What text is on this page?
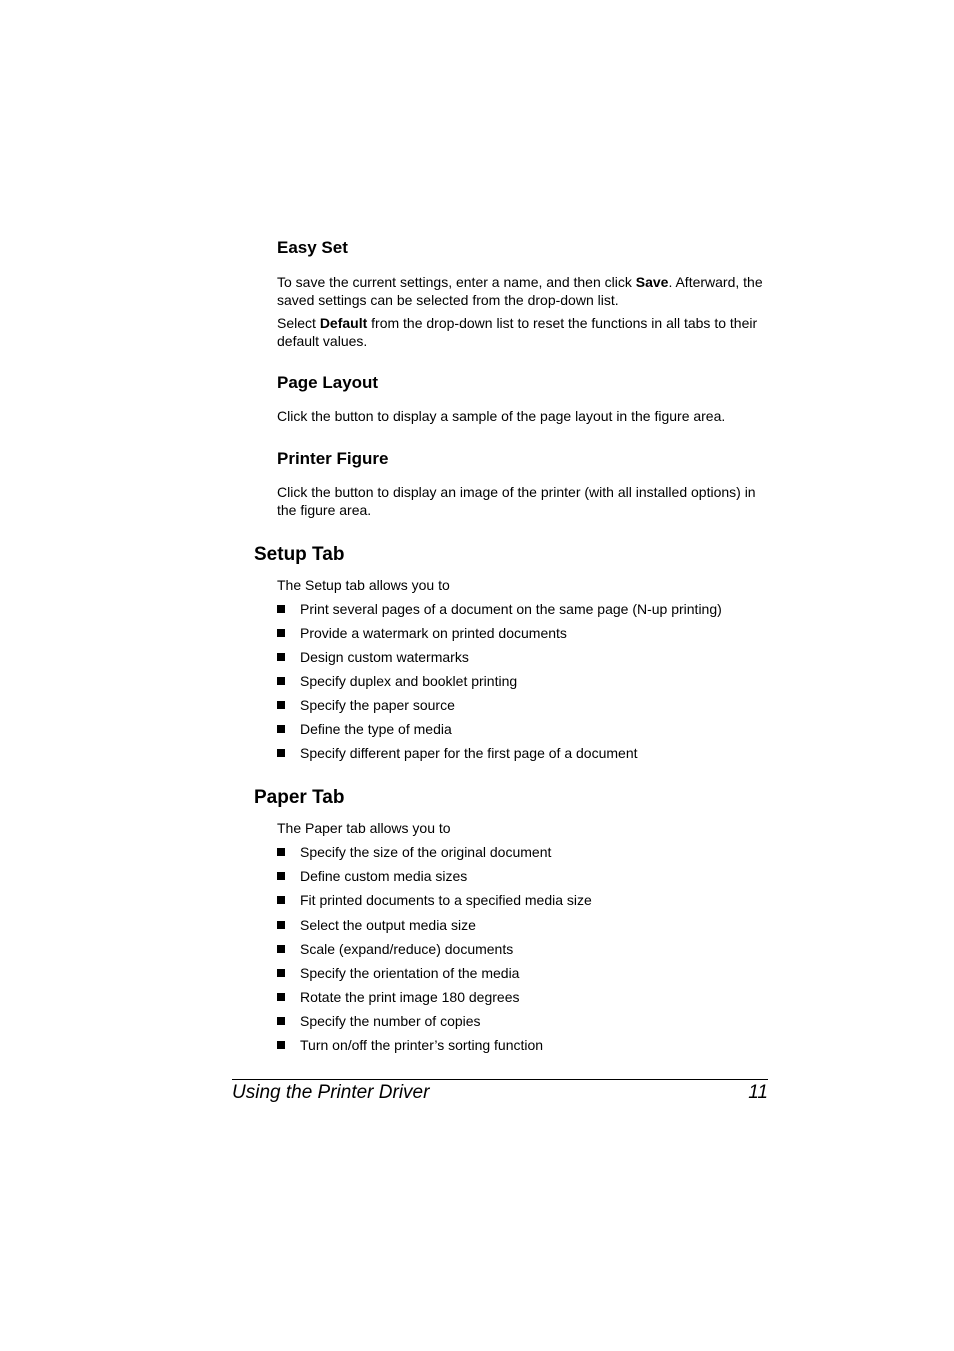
Easy Set
To save the current settings, enter a name, and then click Save. Afterward, the saved settings can be selected from the drop-down list.
Select Default from the drop-down list to reset the functions in all tabs to their default values.
Page Layout
Click the button to display a sample of the page layout in the figure area.
Printer Figure
Click the button to display an image of the printer (with all installed options) in the figure area.
Setup Tab
The Setup tab allows you to
Print several pages of a document on the same page (N-up printing)
Provide a watermark on printed documents
Design custom watermarks
Specify duplex and booklet printing
Specify the paper source
Define the type of media
Specify different paper for the first page of a document
Paper Tab
The Paper tab allows you to
Specify the size of the original document
Define custom media sizes
Fit printed documents to a specified media size
Select the output media size
Scale (expand/reduce) documents
Specify the orientation of the media
Rotate the print image 180 degrees
Specify the number of copies
Turn on/off the printer’s sorting function
Using the Printer Driver	11
